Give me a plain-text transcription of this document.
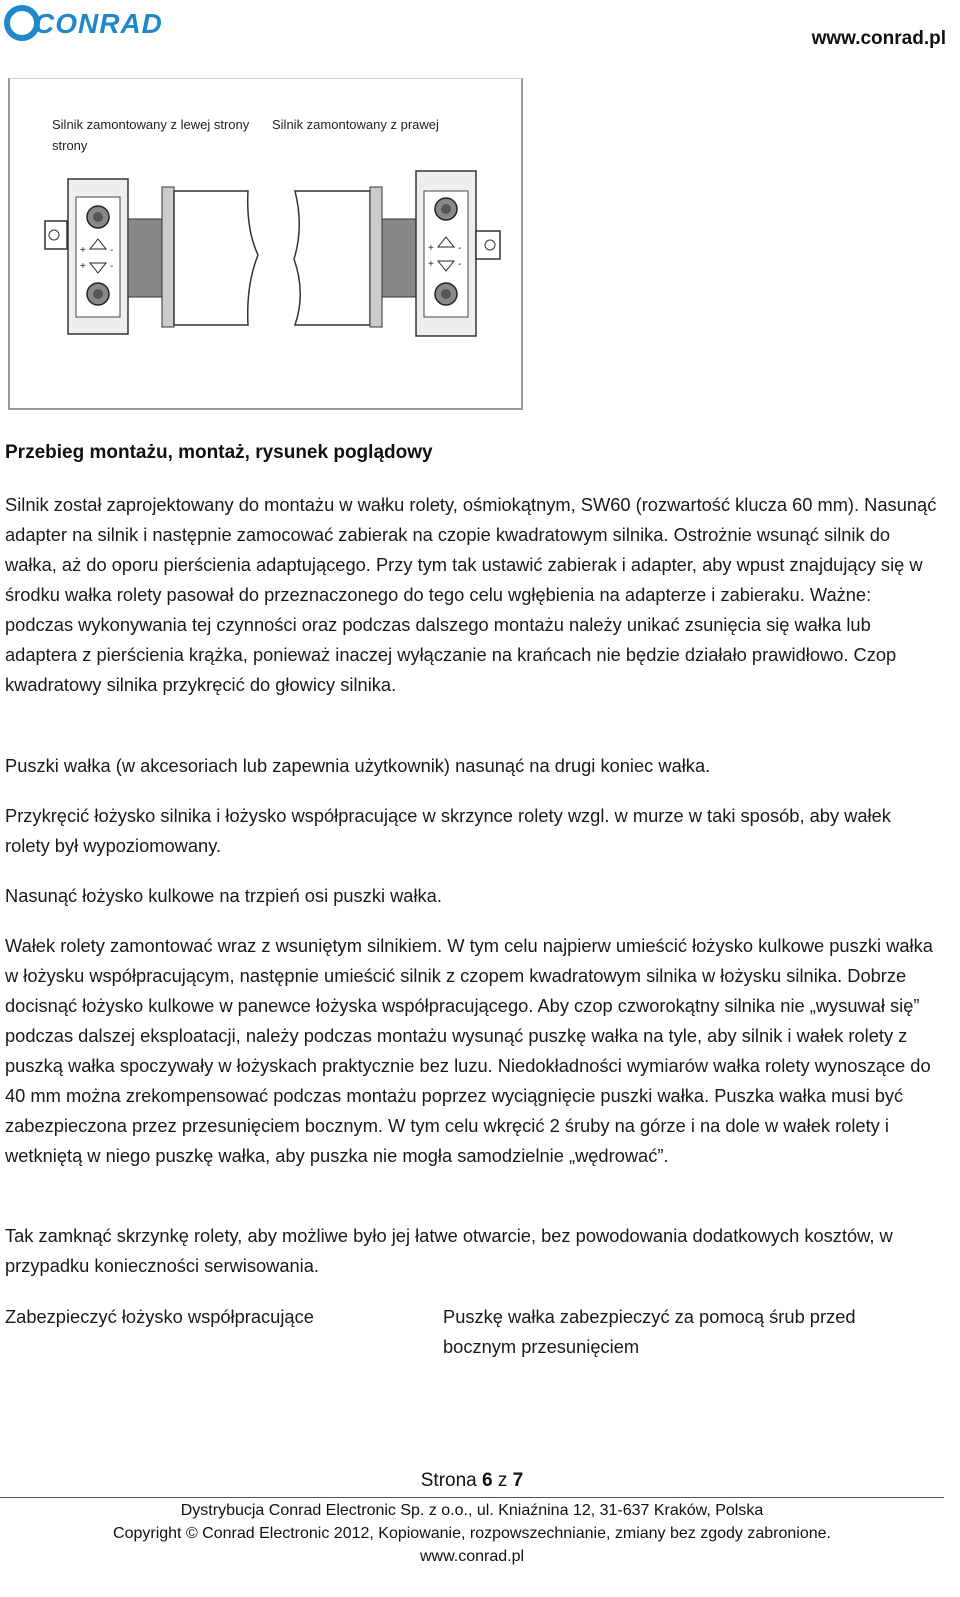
CONRAD	www.conrad.pl
Silnik zamontowany z lewej strony strony
Silnik zamontowany z prawej
+ -
+ -
+ -
+ -
Przebieg montażu, montaż, rysunek poglądowy

Silnik został zaprojektowany do montażu w wałku rolety, ośmiokątnym, SW60 (rozwartość klucza 60 mm). Nasunąć adapter na silnik i następnie zamocować zabierak na czopie kwadratowym silnika. Ostrożnie wsunąć silnik do wałka, aż do oporu pierścienia adaptującego. Przy tym tak ustawić zabierak i adapter, aby wpust znajdujący się w środku wałka rolety pasował do przeznaczonego do tego celu wgłębienia na adapterze i zabieraku. Ważne: podczas wykonywania tej czynności oraz podczas dalszego montażu należy unikać zsunięcia się wałka lub adaptera z pierścienia krążka, ponieważ inaczej wyłączanie na krańcach nie będzie działało prawidłowo. Czop kwadratowy silnika przykręcić do głowicy silnika.

Puszki wałka (w akcesoriach lub zapewnia użytkownik) nasunąć na drugi koniec wałka.

Przykręcić łożysko silnika i łożysko współpracujące w skrzynce rolety wzgl. w murze w taki sposób, aby wałek rolety był wypoziomowany.

Nasunąć łożysko kulkowe na trzpień osi puszki wałka.

Wałek rolety zamontować wraz z wsuniętym silnikiem. W tym celu najpierw umieścić łożysko kulkowe puszki wałka w łożysku współpracującym, następnie umieścić silnik z czopem kwadratowym silnika w łożysku silnika. Dobrze docisnąć łożysko kulkowe w panewce łożyska współpracującego. Aby czop czworokątny silnika nie „wysuwał się” podczas dalszej eksploatacji, należy podczas montażu wysunąć puszkę wałka na tyle, aby silnik i wałek rolety z puszką wałka spoczywały w łożyskach praktycznie bez luzu. Niedokładności wymiarów wałka rolety wynoszące do 40 mm można zrekompensować podczas montażu poprzez wyciągnięcie puszki wałka. Puszka wałka musi być zabezpieczona przez przesunięciem bocznym. W tym celu wkręcić 2 śruby na górze i na dole w wałek rolety i wetkniętą w niego puszkę wałka, aby puszka nie mogła samodzielnie „wędrować”.

Tak zamknąć skrzynkę rolety, aby możliwe było jej łatwe otwarcie, bez powodowania dodatkowych kosztów, w przypadku konieczności serwisowania.

Zabezpieczyć łożysko współpracujące	Puszkę wałka zabezpieczyć za pomocą śrub przed bocznym przesunięciem
Strona 6 z 7
Dystrybucja Conrad Electronic Sp. z o.o., ul. Kniaźnina 12, 31-637 Kraków, Polska
Copyright © Conrad Electronic 2012, Kopiowanie, rozpowszechnianie, zmiany bez zgody zabronione.
www.conrad.pl
